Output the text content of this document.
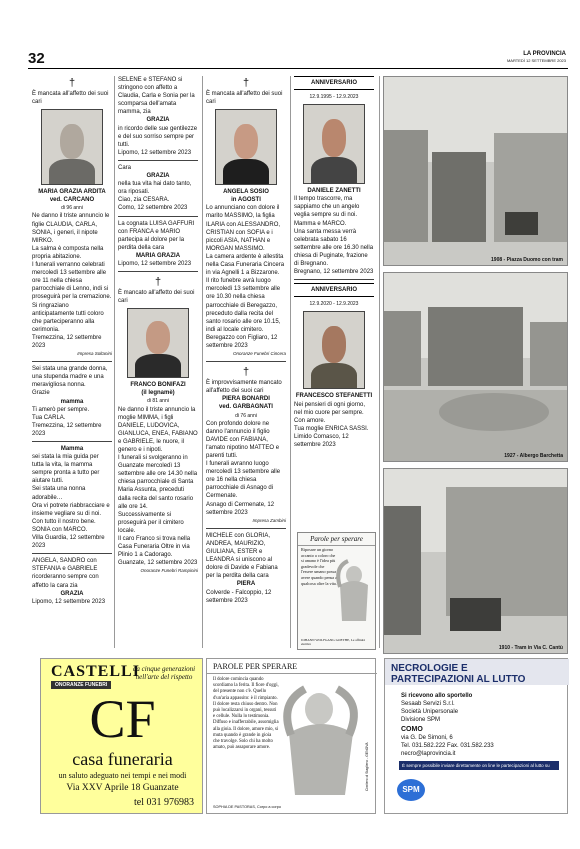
32	LA PROVINCIA
MARTEDÌ 12 SETTEMBRE 2023
†
È mancata all'affetto dei suoi cari
MARIA GRAZIA ARDITA
ved. CARCANO
di 96 anni
Ne danno il triste annuncio le figlie CLAUDIA, CARLA, SONIA, i generi, il nipote MIRKO.
La salma è composta nella propria abitazione.
I funerali verranno celebrati mercoledì 13 settembre alle ore 11 nella chiesa parrocchiale di Lenno, indi si proseguirà per la cremazione.
Si ringraziano anticipatamente tutti coloro che parteciperanno alla cerimonia.
Tremezzina, 12 settembre 2023
Impresa Soltanini
Sei stata una grande donna, una stupenda madre e una meravigliosa nonna.
Grazie
mamma
Ti amerò per sempre.
Tua CARLA.
Tremezzina, 12 settembre 2023
Mamma
sei stata la mia guida per tutta la vita, la mamma sempre pronta a tutto per aiutare tutti.
Sei stata una nonna adorabile…
Ora vi potrete riabbracciare e insieme vegliare su di noi. Con tutto il nostro bene.
SONIA con MARCO.
Villa Guardia, 12 settembre 2023
ANGELA, SANDRO con STEFANIA e GABRIELE ricorderanno sempre con affetto la cara zia
GRAZIA
Lipomo, 12 settembre 2023
SELENE e STEFANO si stringono con affetto a Claudia, Carla e Sonia per la scomparsa dell'amata mamma, zia
GRAZIA
in ricordo delle sue gentilezze e del suo sorriso sempre per tutti.
Lipomo, 12 settembre 2023
Cara
GRAZIA
nella tua vita hai dato tanto, ora riposati.
Ciao, zia CESARA.
Como, 12 settembre 2023
La cognata LUISA GAFFURI con FRANCA e MARIO partecipa al dolore per la perdita della cara
MARIA GRAZIA
Lipomo, 12 settembre 2023
†
È mancato all'affetto dei suoi cari
FRANCO BONIFAZI
(il legnamè)
di 81 anni
Ne danno il triste annuncio la moglie MIMMA, i figli DANIELE, LUDOVICA, GIANLUCA, ENEA, FABIANO e GABRIELE, le nuore, il genero e i nipoti.
I funerali si svolgeranno in Guanzate mercoledì 13 settembre alle ore 14.30 nella chiesa parrocchiale di Santa Maria Assunta, preceduti dalla recita del santo rosario alle ore 14.
Successivamente si proseguirà per il cimitero locale.
Il caro Franco si trova nella Casa Funeraria Oltre in via Plinio 1 a Cadorago.
Guanzate, 12 settembre 2023
Onoranze Funebri Rampinini
†
È mancata all'affetto dei suoi cari
ANGELA SOSIO
in AGOSTI
Lo annunciano con dolore il marito MASSIMO, la figlia ILARIA con ALESSANDRO, CRISTIAN con SOFIA e i piccoli ASIA, NATHAN e MORGAN MASSIMO.
La camera ardente è allestita nella Casa Funeraria Cincera in via Agnelli 1 a Bizzarone.
Il rito funebre avrà luogo mercoledì 13 settembre alle ore 10.30 nella chiesa parrocchiale di Beregazzo, preceduto dalla recita del santo rosario alle ore 10.15, indi al locale cimitero.
Beregazzo con Figliaro, 12 settembre 2023
Onoranze Funebri Cincera
†
È improvvisamente mancato all'affetto dei suoi cari
PIERA BONARDI
ved. GARBAGNATI
di 76 anni
Con profondo dolore ne danno l'annuncio il figlio DAVIDE con FABIANA, l'amato nipotino MATTEO e parenti tutti.
I funerali avranno luogo mercoledì 13 settembre alle ore 16 nella chiesa parrocchiale di Asnago di Cermenate.
Asnago di Cermenate, 12 settembre 2023
Impresa Zambini
MICHELE con GLORIA, ANDREA, MAURIZIO, GIULIANA, ESTER e LEANDRA si uniscono al dolore di Davide e Fabiana per la perdita della cara
PIERA
Colverde - Falcoppio, 12 settembre 2023
ANNIVERSARIO
12.9.1995 - 12.9.2023
DANIELE ZANETTI
Il tempo trascorre, ma sappiamo che un angelo veglia sempre su di noi.
Mamma e MARCO.
Una santa messa verrà celebrata sabato 16 settembre alle ore 16.30 nella chiesa di Puginate, frazione di Bregnano.
Bregnano, 12 settembre 2023
ANNIVERSARIO
12.9.2020 - 12.9.2023
FRANCESCO STEFANETTI
Nei pensieri di ogni giorno, nel mio cuore per sempre.
Con amore.
Tua moglie ENRICA SASSI.
Limido Comasco, 12 settembre 2023
Parole per sperare
Riposare un giorno accanto a coloro che si amano è l'idea più gradevole che l'essere umano possa avere quando pensa a qualcosa oltre la vita.
JOHANN WOLFGANG GOETHE, Le affinità elettive
1908 - Piazza Duomo con tram
1927 - Albergo Barchetta
1910 - Tram in Via C. Cantù
CASTELLI
ONORANZE FUNEBRI
da cinque generazioni nell'arte del rispetto
CF
casa funeraria
un saluto adeguato nei tempi e nei modi
Via XXV Aprile 18 Guanzate
tel 031 976983
PAROLE PER SPERARE
Il dolore comincia quando scordiamo la ferita. Il fiore d'oggi, del presente non c'è. Quello d'un'aria appassito: è il rimpianto. Il dolore resta chiuso dentro. Non può localizzarsi in organi, tessuti e cellule. Nulla lo testimonia. Diffuso e inafferrabile, assomiglia alla gioia. Il dolore, amore mio, si muta quando è grande in gioia che travolge. Solo chi ha molto amato, può assaporare amore.	Cimitero di Staglieno - GENOVA
SOPHIA DE PASTORAS, Corpo a corpo
NECROLOGIE E
PARTECIPAZIONI AL LUTTO
Si ricevono allo sportello
Sesaab Servizi S.r.l.
Società Unipersonale
Divisione SPM
COMO
via G. De Simoni, 6
Tel. 031.582.222 Fax. 031.582.233
necro@laprovincia.it
È sempre possibile inviare direttamente on line le partecipazioni al lutto su
SPM
